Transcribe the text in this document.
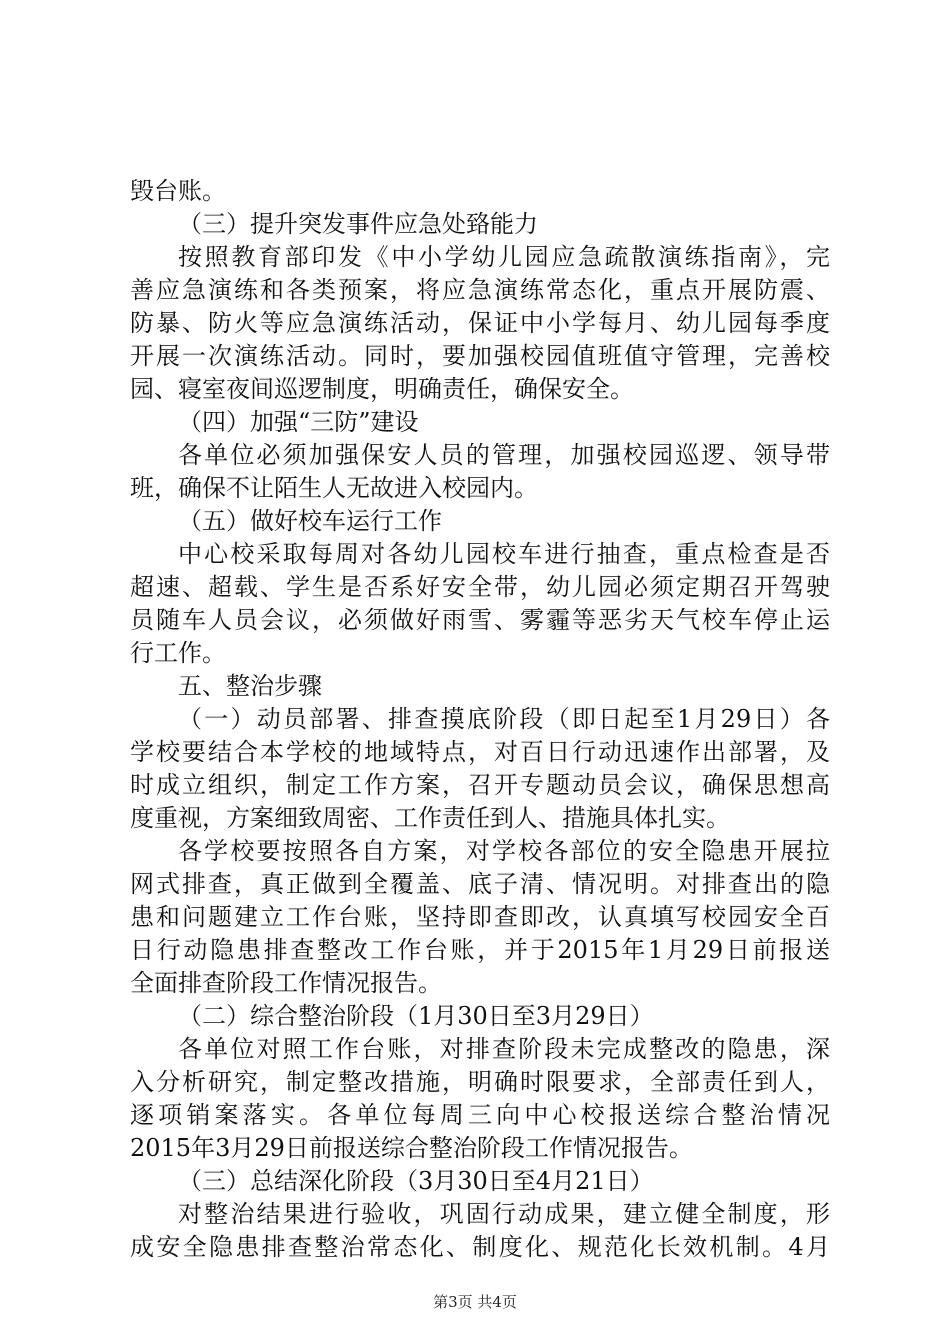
毁台账。
（三）提升突发事件应急处臵能力
按照教育部印发《中小学幼儿园应急疏散演练指南》，完
善应急演练和各类预案，将应急演练常态化，重点开展防震、
防暴、防火等应急演练活动，保证中小学每月、幼儿园每季度
开展一次演练活动。同时，要加强校园值班值守管理，完善校
园、寝室夜间巡逻制度，明确责任，确保安全。
（四）加强“三防”建设
各单位必须加强保安人员的管理，加强校园巡逻、领导带
班，确保不让陌生人无故进入校园内。
（五）做好校车运行工作
中心校采取每周对各幼儿园校车进行抽查，重点检查是否
超速、超载、学生是否系好安全带，幼儿园必须定期召开驾驶
员随车人员会议，必须做好雨雪、雾霾等恶劣天气校车停止运
行工作。
五、整治步骤
（一）动员部署、排查摸底阶段（即日起至1月29日）各
学校要结合本学校的地域特点，对百日行动迅速作出部署，及
时成立组织，制定工作方案，召开专题动员会议，确保思想高
度重视，方案细致周密、工作责任到人、措施具体扎实。
各学校要按照各自方案，对学校各部位的安全隐患开展拉
网式排查，真正做到全覆盖、底子清、情况明。对排查出的隐
患和问题建立工作台账，坚持即查即改，认真填写校园安全百
日行动隐患排查整改工作台账，并于2015年1月29日前报送
全面排查阶段工作情况报告。
（二）综合整治阶段（1月30日至3月29日）
各单位对照工作台账，对排查阶段未完成整改的隐患，深
入分析研究，制定整改措施，明确时限要求，全部责任到人，
逐项销案落实。各单位每周三向中心校报送综合整治情况
2015年3月29日前报送综合整治阶段工作情况报告。
（三）总结深化阶段（3月30日至4月21日）
对整治结果进行验收，巩固行动成果，建立健全制度，形
成安全隐患排查整治常态化、制度化、规范化长效机制。4月
第3页 共4页
